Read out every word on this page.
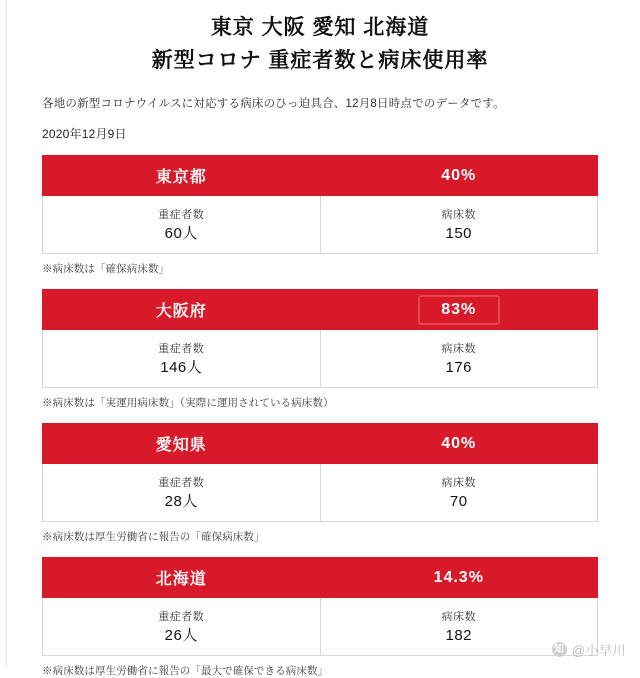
東京 大阪 愛知 北海道
新型コロナ 重症者数と病床使用率
各地の新型コロナウイルスに対応する病床のひっ迫具合、12月8日時点でのデータです。
2020年12月9日
東京都	40%

重症者数
60人

病床数
150
※病床数は「確保病床数」
大阪府	83%

重症者数
146人

病床数
176
※病床数は「実運用病床数」（実際に運用されている病床数）
愛知県	40%

重症者数
28人

病床数
70
※病床数は厚生労働省に報告の「確保病床数」
北海道	14.3%

重症者数
26人

病床数
182
※病床数は厚生労働省に報告の「最大で確保できる病床数」
知 @小早川
